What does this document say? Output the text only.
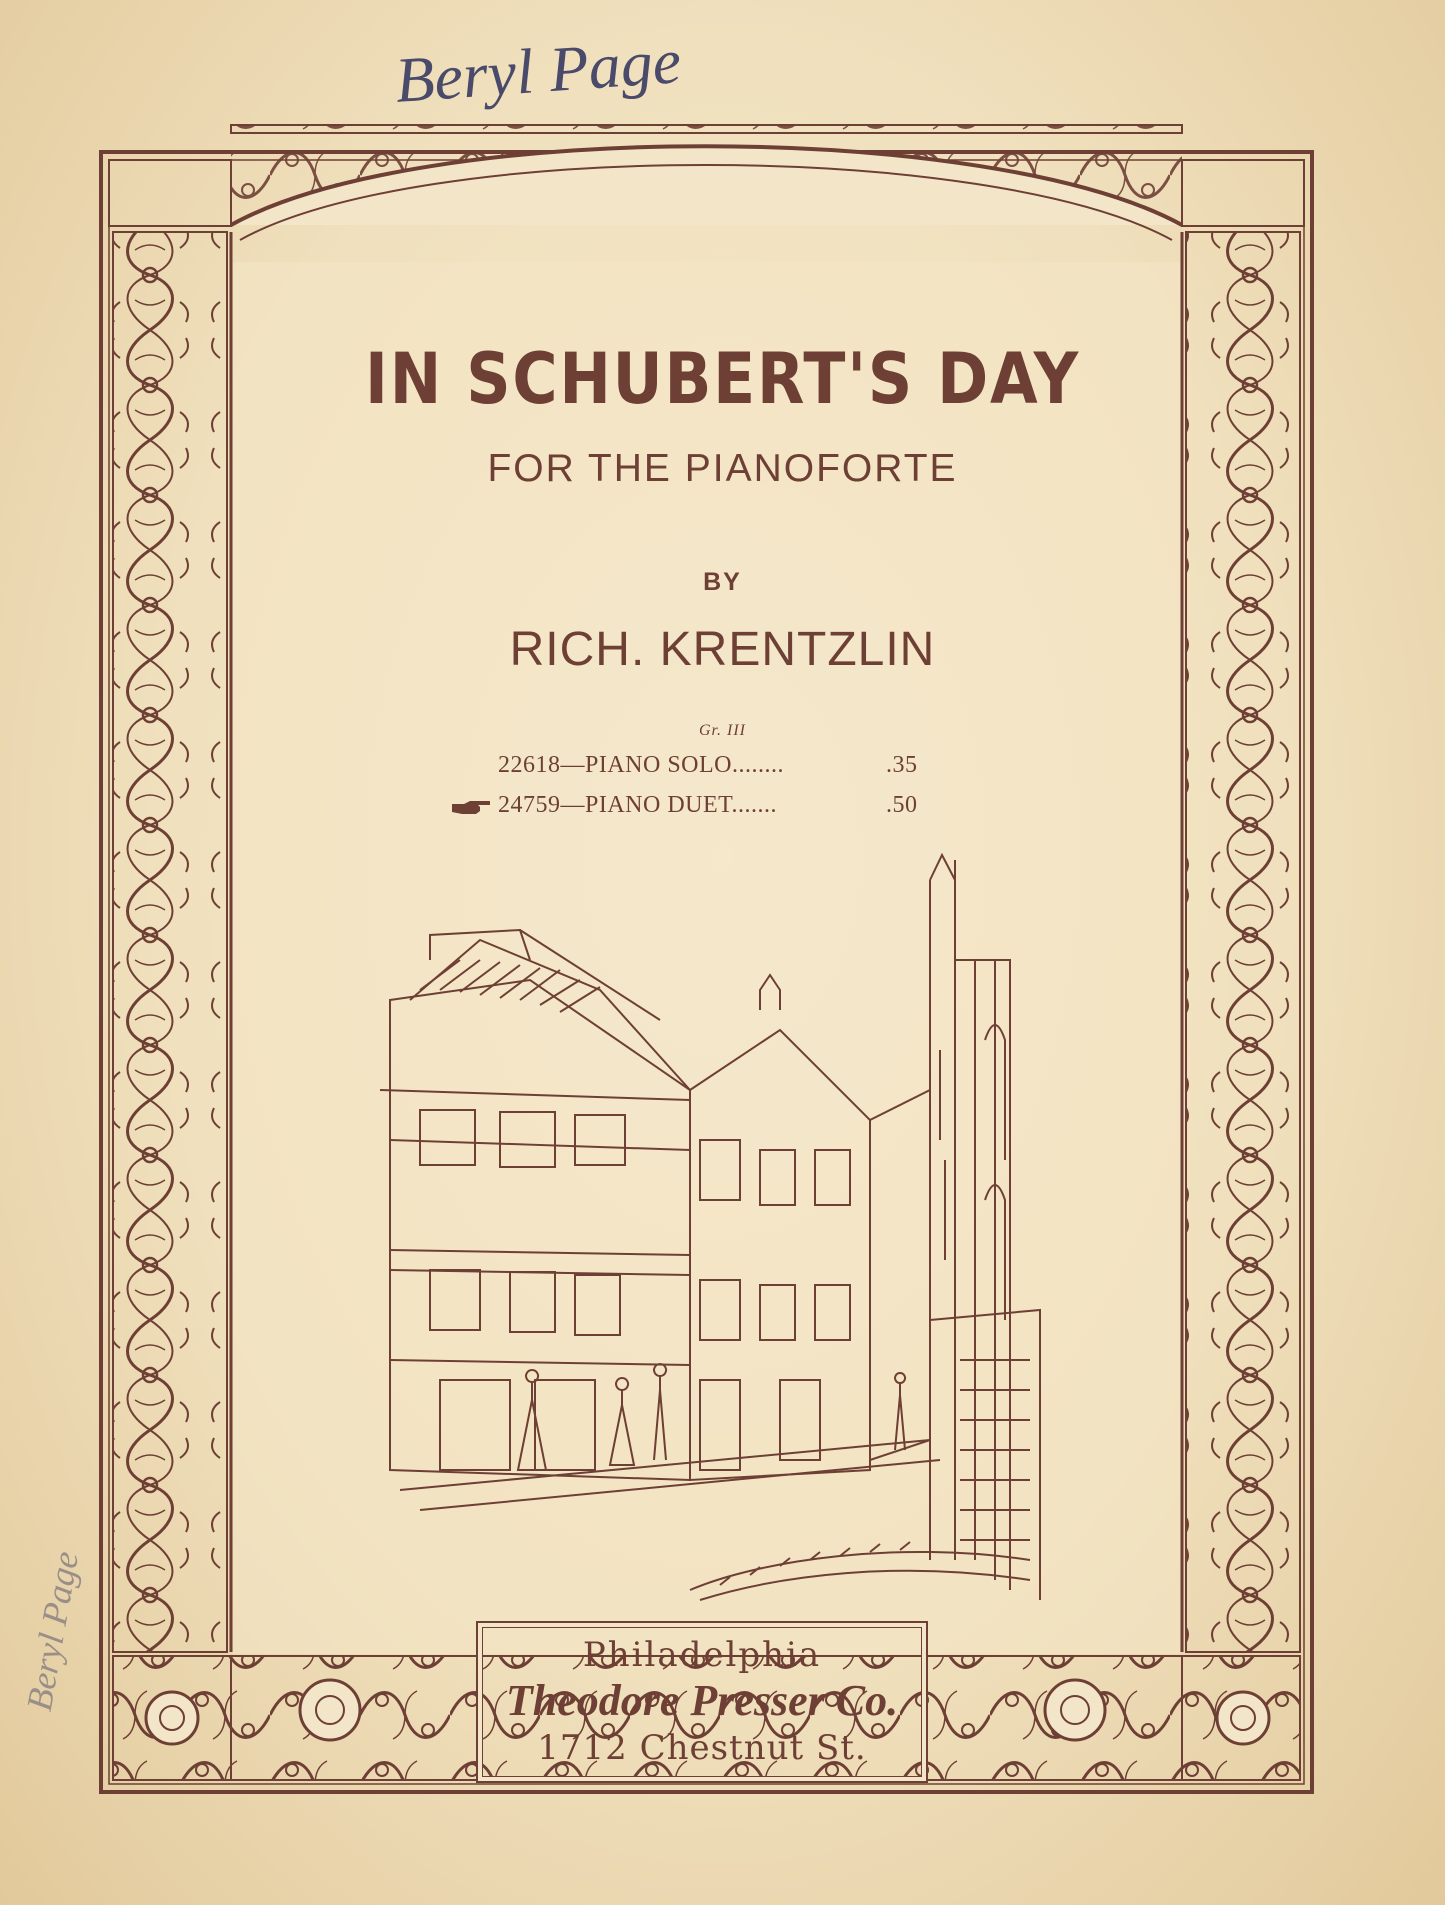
Beryl Page
Beryl Page
IN SCHUBERT'S DAY
FOR THE PIANOFORTE
BY
RICH. KRENTZLIN
Gr. III
22618—PIANO SOLO........	.35
24759—PIANO DUET.......	.50
Philadelphia
Theodore Presser Co.
1712 Chestnut St.
